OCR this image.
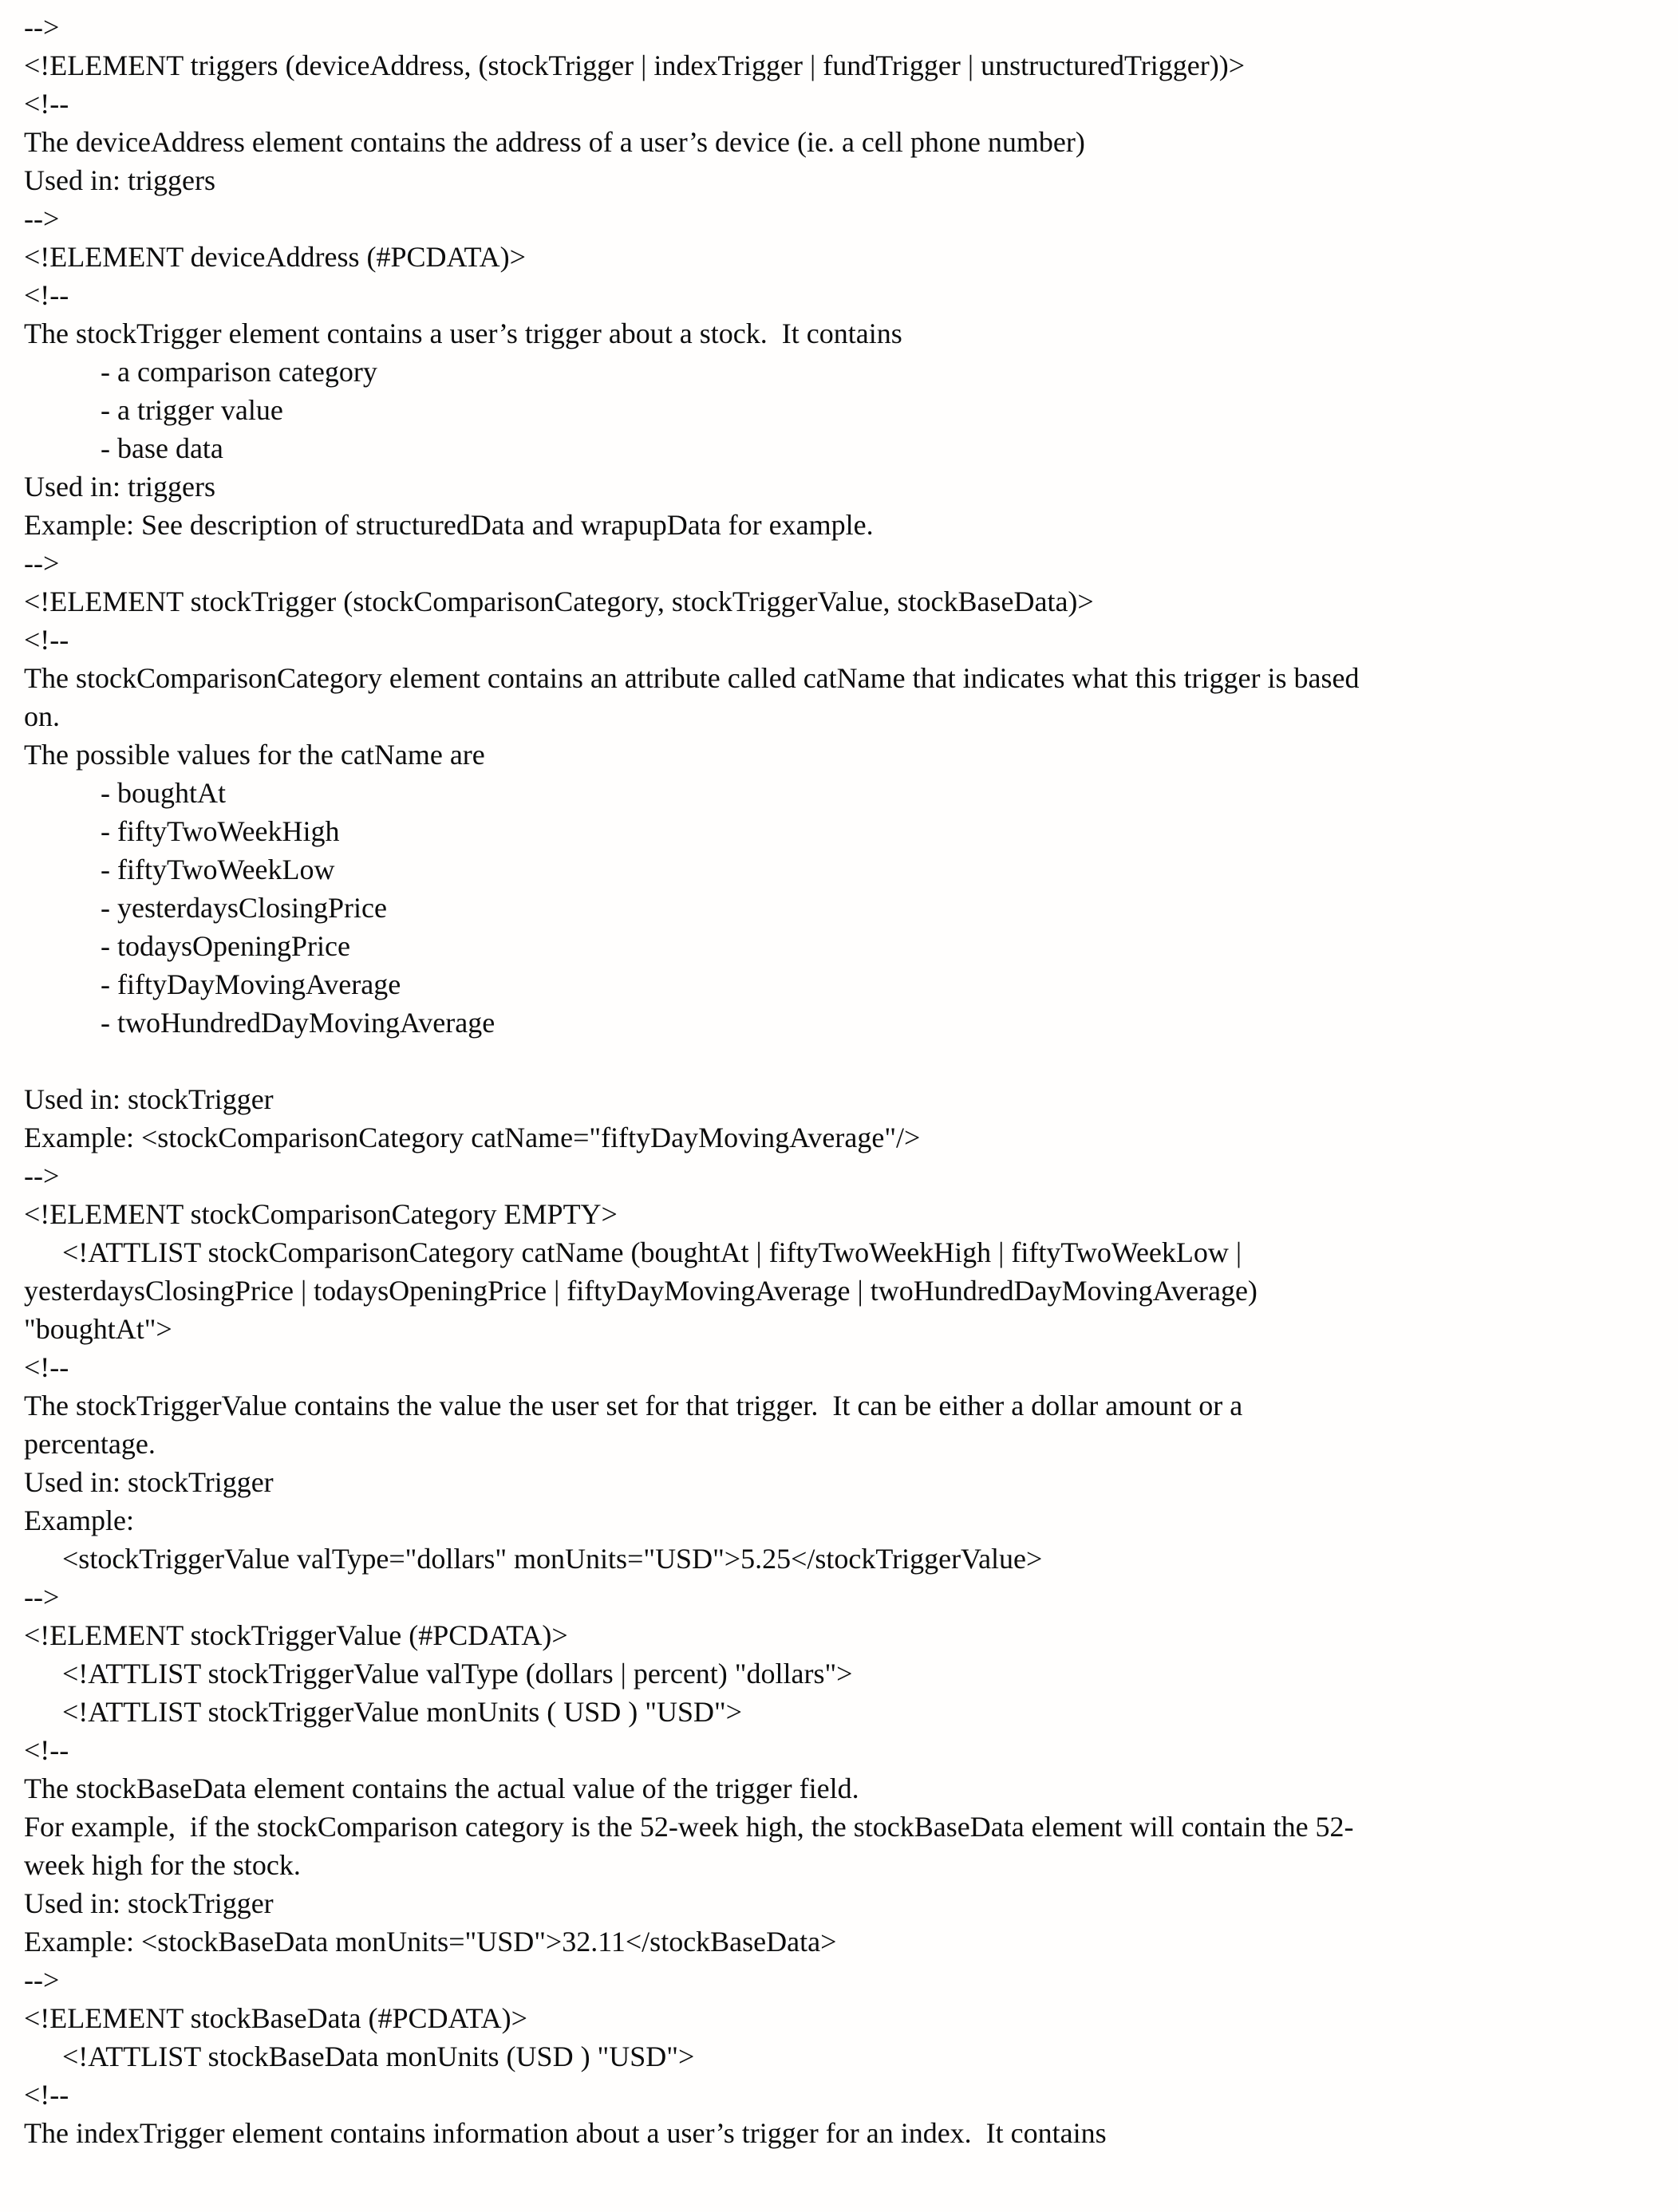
-->
<!ELEMENT triggers (deviceAddress, (stockTrigger | indexTrigger | fundTrigger | unstructuredTrigger))>
<!--
The deviceAddress element contains the address of a user’s device (ie. a cell phone number)
Used in: triggers
-->
<!ELEMENT deviceAddress (#PCDATA)>
<!--
The stockTrigger element contains a user’s trigger about a stock.  It contains
- a comparison category
- a trigger value
- base data
Used in: triggers
Example: See description of structuredData and wrapupData for example.
-->
<!ELEMENT stockTrigger (stockComparisonCategory, stockTriggerValue, stockBaseData)>
<!--
The stockComparisonCategory element contains an attribute called catName that indicates what this trigger is based
on.
The possible values for the catName are
- boughtAt
- fiftyTwoWeekHigh
- fiftyTwoWeekLow
- yesterdaysClosingPrice
- todaysOpeningPrice
- fiftyDayMovingAverage
- twoHundredDayMovingAverage
Used in: stockTrigger
Example: <stockComparisonCategory catName="fiftyDayMovingAverage"/>
-->
<!ELEMENT stockComparisonCategory EMPTY>
<!ATTLIST stockComparisonCategory catName (boughtAt | fiftyTwoWeekHigh | fiftyTwoWeekLow |
yesterdaysClosingPrice | todaysOpeningPrice | fiftyDayMovingAverage | twoHundredDayMovingAverage)
"boughtAt">
<!--
The stockTriggerValue contains the value the user set for that trigger.  It can be either a dollar amount or a
percentage.
Used in: stockTrigger
Example:
<stockTriggerValue valType="dollars" monUnits="USD">5.25</stockTriggerValue>
-->
<!ELEMENT stockTriggerValue (#PCDATA)>
<!ATTLIST stockTriggerValue valType (dollars | percent) "dollars">
<!ATTLIST stockTriggerValue monUnits ( USD ) "USD">
<!--
The stockBaseData element contains the actual value of the trigger field.
For example,  if the stockComparison category is the 52-week high, the stockBaseData element will contain the 52-
week high for the stock.
Used in: stockTrigger
Example: <stockBaseData monUnits="USD">32.11</stockBaseData>
-->
<!ELEMENT stockBaseData (#PCDATA)>
<!ATTLIST stockBaseData monUnits (USD ) "USD">
<!--
The indexTrigger element contains information about a user’s trigger for an index.  It contains
